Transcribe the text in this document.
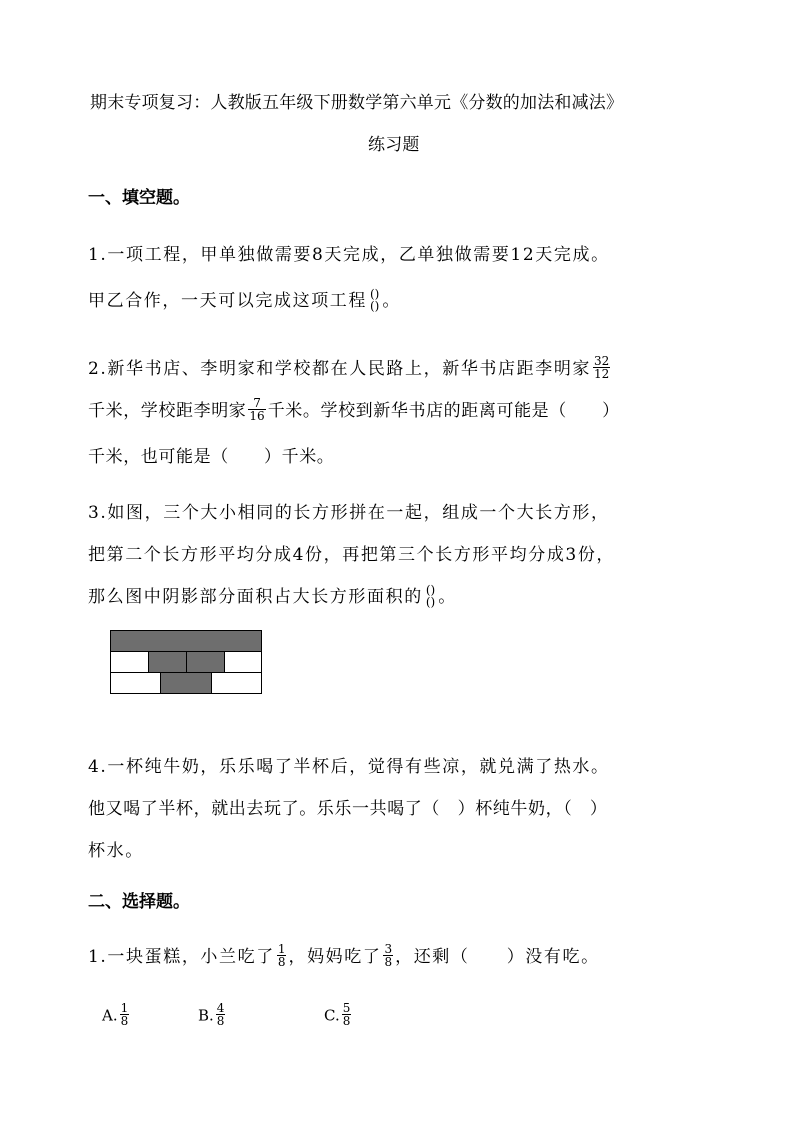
期末专项复习：人教版五年级下册数学第六单元《分数的加法和减法》
练习题
一、填空题。
1.一项工程，甲单独做需要8天完成，乙单独做需要12天完成。
甲乙合作，一天可以完成这项工程 ()
() 。
2.新华书店、李明家和学校都在人民路上，新华书店距李明家 $\frac{32}{12}$
千米，学校距李明家 $\frac{7}{16}$ 千米。学校到新华书店的距离可能是（　　）
千米，也可能是（　　）千米。
3.如图，三个大小相同的长方形拼在一起，组成一个大长方形，
把第二个长方形平均分成4份，再把第三个长方形平均分成3份，
那么图中阴影部分面积占大长方形面积的 ()
() 。
4.一杯纯牛奶，乐乐喝了半杯后，觉得有些凉，就兑满了热水。
他又喝了半杯，就出去玩了。乐乐一共喝了（　）杯纯牛奶，（　）
杯水。
二、选择题。
1.一块蛋糕，小兰吃了 $\frac{1}{8}$ ，妈妈吃了 $\frac{3}{8}$ ，还剩（　　）没有吃。
A. $\frac{1}{8}$	B. $\frac{4}{8}$	C. $\frac{5}{8}$
